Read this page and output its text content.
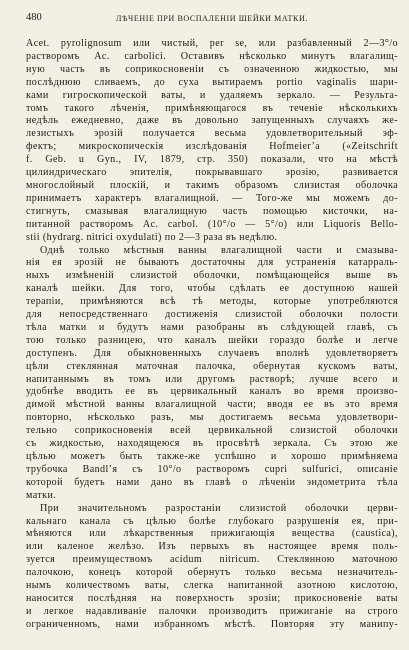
480	ЛѢЧЕНІЕ ПРИ ВОСПАЛЕНІИ ШЕЙКИ МАТКИ.

Acet. pyrolignosum или чистый, per se, или разбавленный 2—3°/о
растворомъ Ac. carbolici. Оставивъ нѣсколько минутъ влагалищ-
ную часть въ соприкосновеніи съ означенною жидкостью, мы
послѣднюю сливаемъ, до суха вытираемъ portio vaginalis шари-
ками гигроскопической ваты, и удаляемъ зеркало. — Результа-
томъ такого лѣченія, примѣняющагося въ теченіе нѣсколькихъ
недѣль ежедневно, даже въ довольно запущенныхъ случаяхъ же-
лезистыхъ эрозій получается весьма удовлетворительный эф-
фектъ; микроскопическія изслѣдованія Hofmeier’a («Zeitschrift
f. Geb. u Gyn., IV, 1879, стр. 350) показали, что на мѣстѣ
цилиндрическаго эпителія, покрывавшаго эрозію, развивается
многослойный плоскій, и такимъ образомъ слизистая оболочка
принимаетъ характеръ влагалищной. — Того-же мы можемъ до-
стигнуть, смазывая влагалищную часть помощью кисточки, на-
питанной растворомъ Ac. carbol. (10°/о — 5°/о) или Liquoris Bello-
stii (hydrarg. nitrici oxydulati) по 2—3 раза въ недѣлю.

Однѣ только мѣстныя ванны влагалищной части и смазыва-
нія ея эрозій не бываютъ достаточны для устраненія катарраль-
ныхъ измѣненій слизистой оболочки, помѣщающейся выше въ
каналѣ шейки. Для того, чтобы сдѣлать ее доступною нашей
терапіи, примѣняются всѣ тѣ методы, которые употребляются
для непосредственнаго достиженія слизистой оболочки полости
тѣла матки и будутъ нами разобраны въ слѣдующей главѣ, съ
тою только разницею, что каналъ шейки гораздо болѣе и легче
доступенъ. Для обыкновенныхъ случаевъ вполнѣ удовлетворяетъ
цѣли стеклянная маточная палочка, обернутая кускомъ ваты,
напитаннымъ въ томъ или другомъ растворѣ; лучше всего и
удобнѣе вводить ее въ цервикальный каналъ во время произво-
димой мѣстной ванны влагалищной части; вводя ее въ это время
повторно, нѣсколько разъ, мы достигаемъ весьма удовлетвори-
тельно соприкосновенія всей цервикальной слизистой оболочки
съ жидкостью, находящеюся въ просвѣтѣ зеркала. Съ этою же
цѣлью можетъ быть также-же успѣшно и хорошо примѣняема
трубочка Bandl’я съ 10°/о растворомъ cupri sulfurici, описаніе
которой будетъ нами дано въ главѣ о лѣченіи эндометрита тѣла
матки.

При значительномъ разростаніи слизистой оболочки церви-
кальнаго канала съ цѣлью болѣе глубокаго разрушенія ея, при-
мѣняются или лѣкарственныя прижигающія вещества (caustica),
или каленое желѣзо. Изъ первыхъ въ настоящее время поль-
зуется преимуществомъ acidum nitricum. Стеклянною маточною
палочкою, конецъ которой обернутъ только весьма незначитель-
нымъ количествомъ ваты, слегка напитанной азотною кислотою,
наносится послѣдняя на поверхность эрозіи; прикосновеніе ваты
и легкое надавливаніе палочки производитъ прижиганіе на строго
ограниченномъ, нами избранномъ мѣстѣ. Повторяя эту манипу-
